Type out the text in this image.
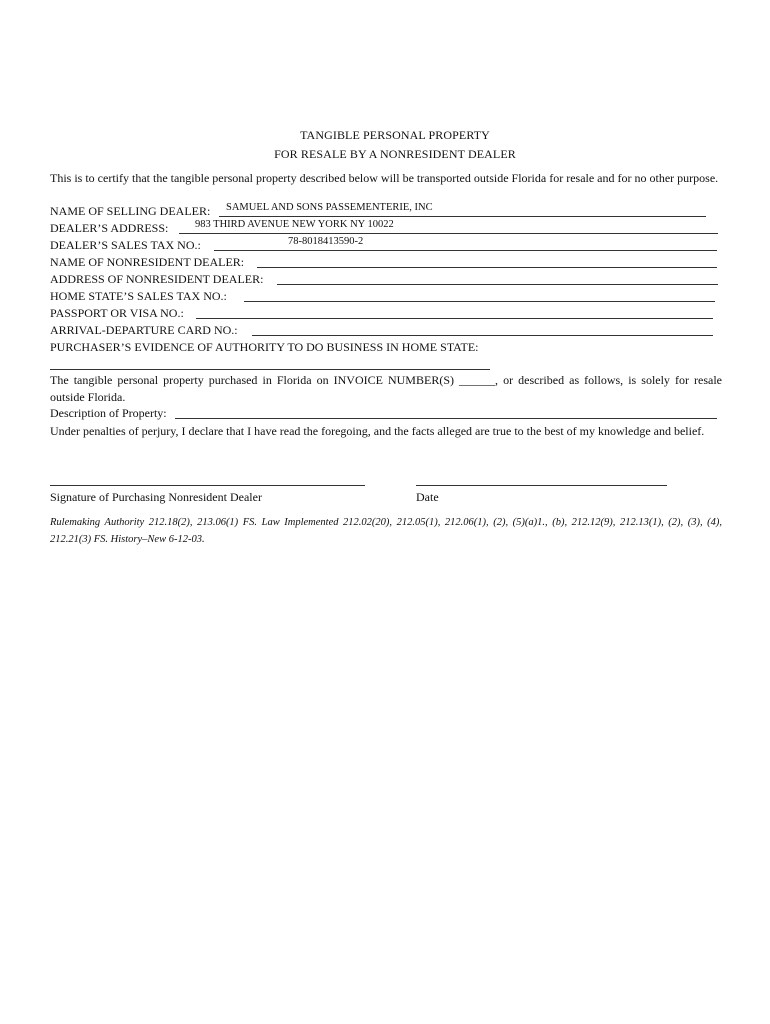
TANGIBLE PERSONAL PROPERTY
FOR RESALE BY A NONRESIDENT DEALER
This is to certify that the tangible personal property described below will be transported outside Florida for resale and for no other purpose.
NAME OF SELLING DEALER: SAMUEL AND SONS PASSEMENTERIE, INC
DEALER’S ADDRESS:	983 THIRD AVENUE NEW YORK NY 10022
DEALER’S SALES TAX NO.:	78-8018413590-2
NAME OF NONRESIDENT DEALER:
ADDRESS OF NONRESIDENT DEALER:
HOME STATE’S SALES TAX NO.:
PASSPORT OR VISA NO.:
ARRIVAL-DEPARTURE CARD NO.:
PURCHASER’S EVIDENCE OF AUTHORITY TO DO BUSINESS IN HOME STATE:
The tangible personal property purchased in Florida on INVOICE NUMBER(S) ______, or described as follows, is solely for resale outside Florida.
Description of Property:
Under penalties of perjury, I declare that I have read the foregoing, and the facts alleged are true to the best of my knowledge and belief.
Signature of Purchasing Nonresident Dealer	Date
Rulemaking Authority 212.18(2), 213.06(1) FS. Law Implemented 212.02(20), 212.05(1), 212.06(1), (2), (5)(a)1., (b), 212.12(9), 212.13(1), (2), (3), (4), 212.21(3) FS. History–New 6-12-03.
